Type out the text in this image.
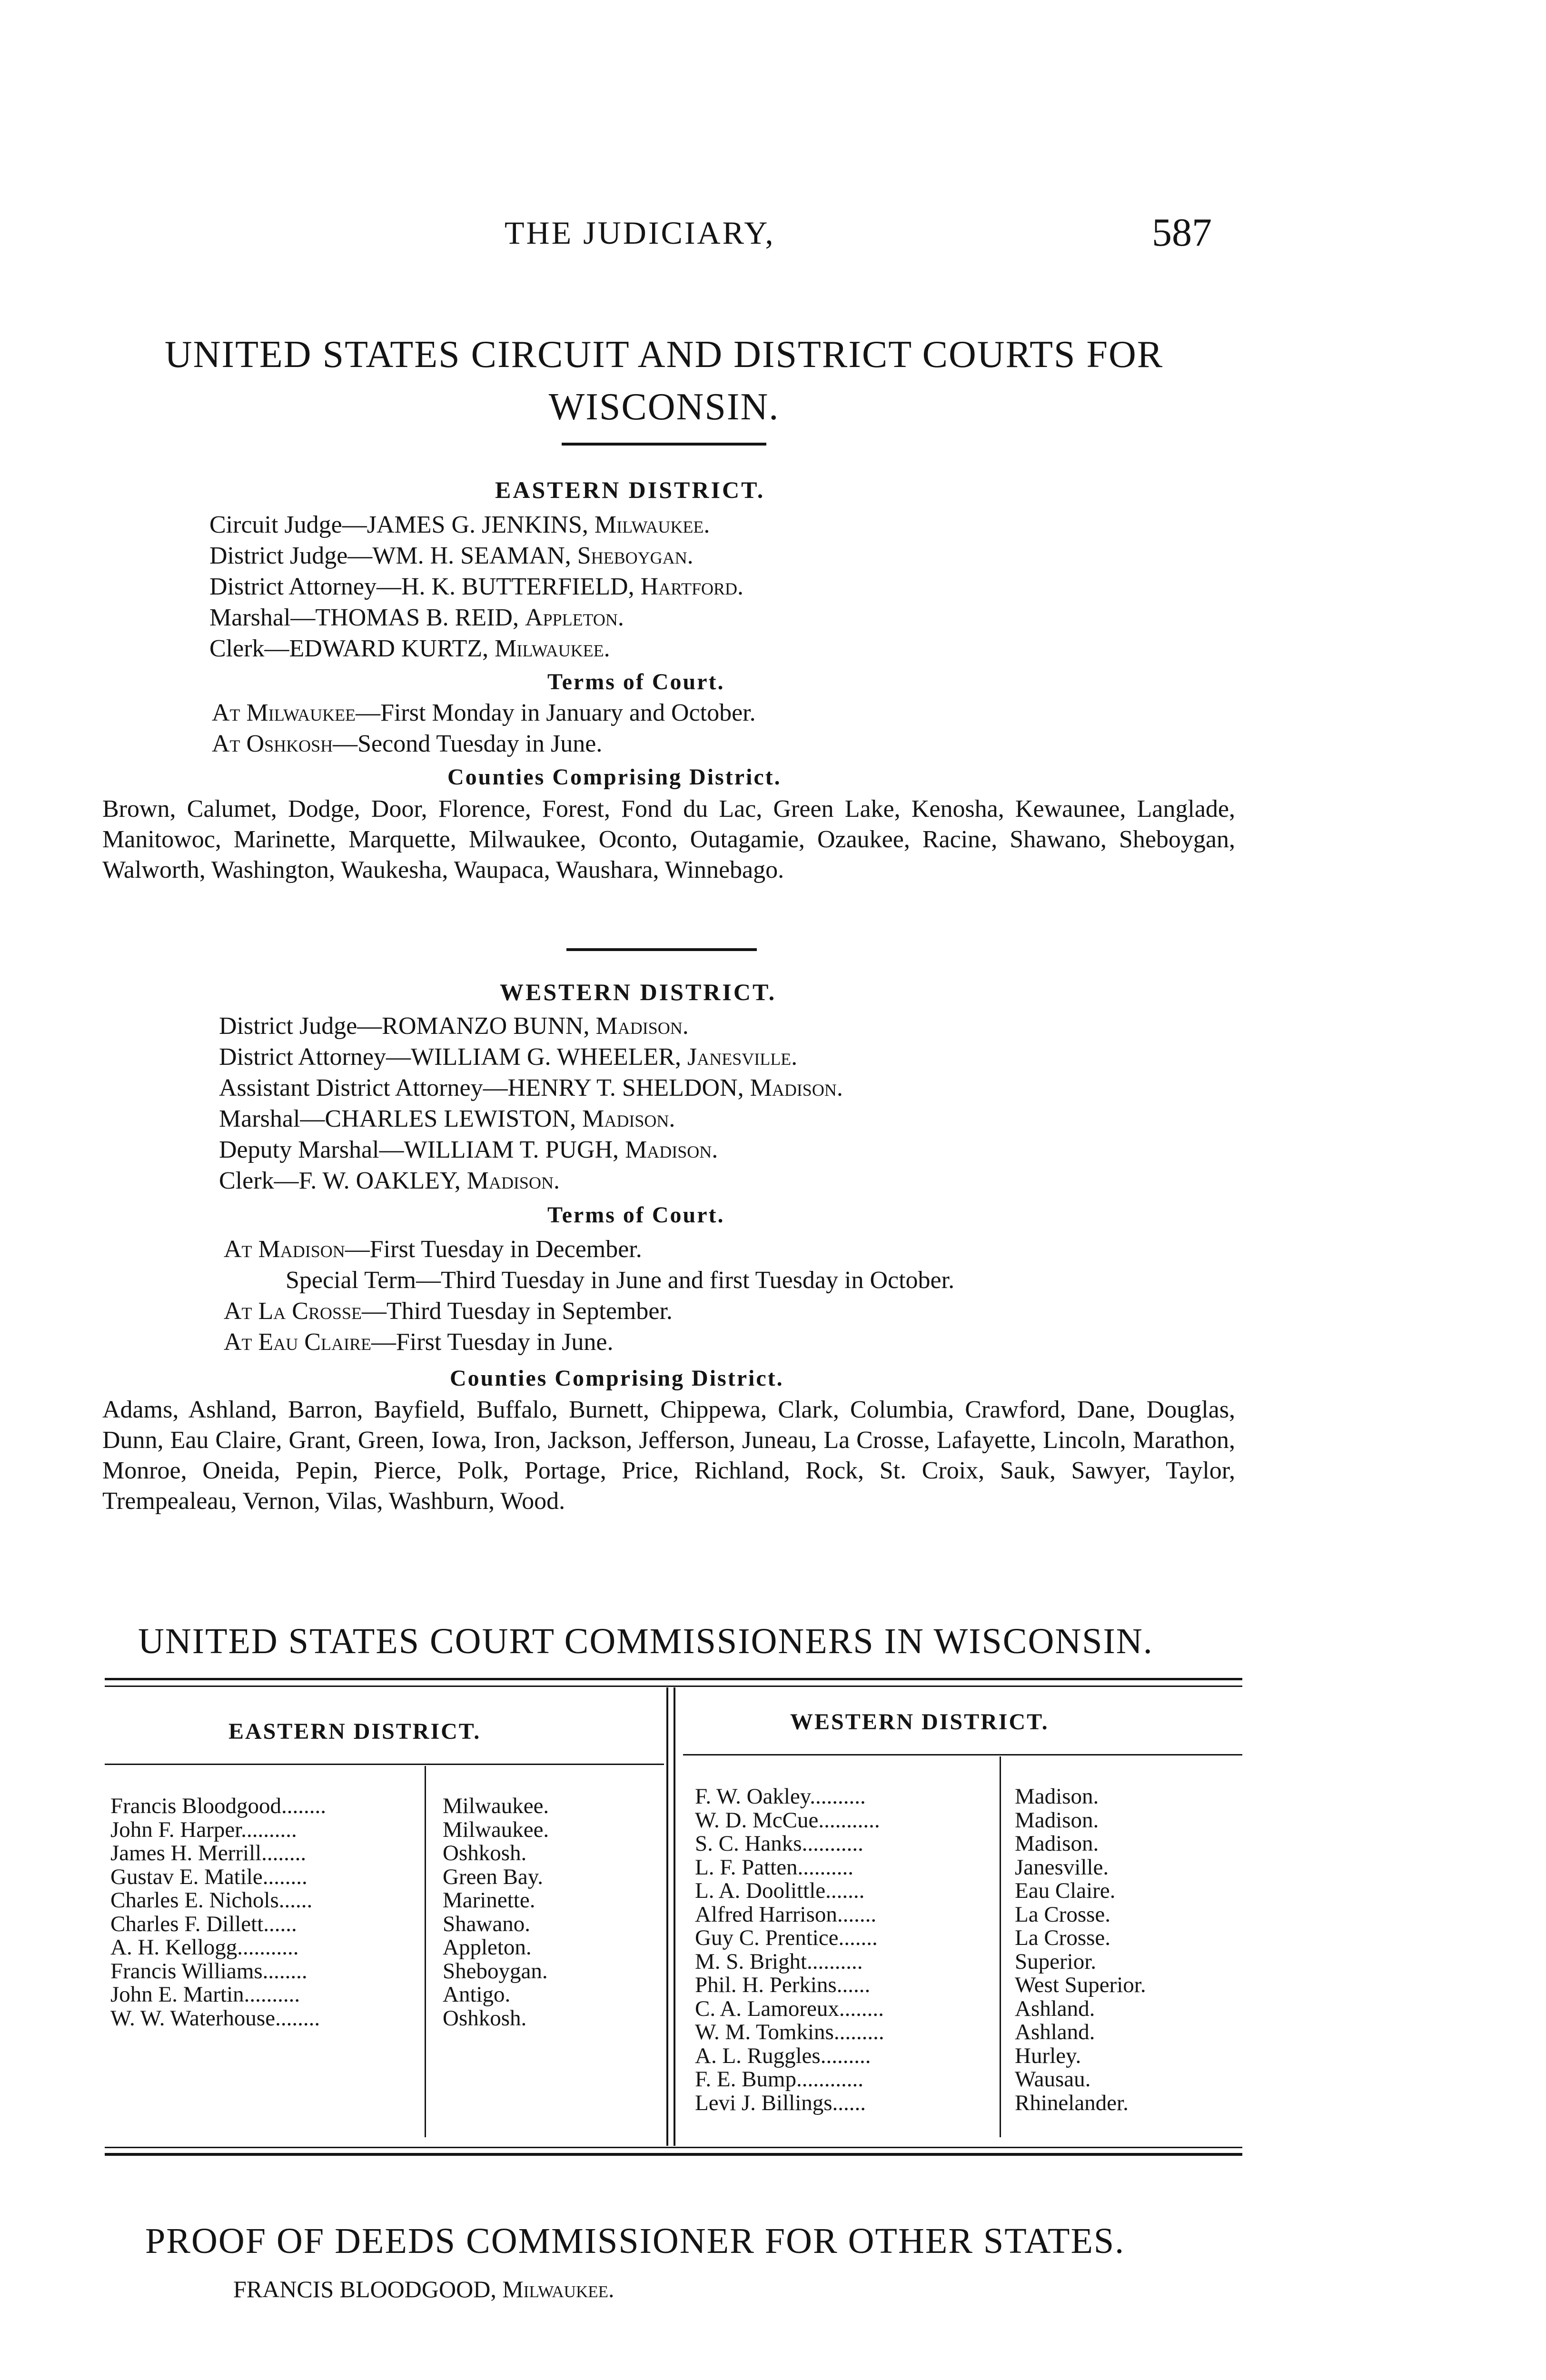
THE JUDICIARY,	587
UNITED STATES CIRCUIT AND DISTRICT COURTS FOR
WISCONSIN.
EASTERN DISTRICT.
Circuit Judge—JAMES G. JENKINS, Milwaukee.
District Judge—WM. H. SEAMAN, Sheboygan.
District Attorney—H. K. BUTTERFIELD, Hartford.
Marshal—THOMAS B. REID, Appleton.
Clerk—EDWARD KURTZ, Milwaukee.
Terms of Court.
At Milwaukee—First Monday in January and October.
At Oshkosh—Second Tuesday in June.
Counties Comprising District.
Brown, Calumet, Dodge, Door, Florence, Forest, Fond du Lac, Green Lake, Kenosha, Kewaunee, Langlade, Manitowoc, Marinette, Marquette, Milwaukee, Oconto, Outagamie, Ozaukee, Racine, Shawano, Sheboygan, Walworth, Washington, Waukesha, Waupaca, Waushara, Winnebago.
WESTERN DISTRICT.
District Judge—ROMANZO BUNN, Madison.
District Attorney—WILLIAM G. WHEELER, Janesville.
Assistant District Attorney—HENRY T. SHELDON, Madison.
Marshal—CHARLES LEWISTON, Madison.
Deputy Marshal—WILLIAM T. PUGH, Madison.
Clerk—F. W. OAKLEY, Madison.
Terms of Court.
At Madison—First Tuesday in December.
Special Term—Third Tuesday in June and first Tuesday in October.
At La Crosse—Third Tuesday in September.
At Eau Claire—First Tuesday in June.
Counties Comprising District.
Adams, Ashland, Barron, Bayfield, Buffalo, Burnett, Chippewa, Clark, Columbia, Crawford, Dane, Douglas, Dunn, Eau Claire, Grant, Green, Iowa, Iron, Jackson, Jefferson, Juneau, La Crosse, Lafayette, Lincoln, Marathon, Monroe, Oneida, Pepin, Pierce, Polk, Portage, Price, Richland, Rock, St. Croix, Sauk, Sawyer, Taylor, Trempealeau, Vernon, Vilas, Washburn, Wood.
UNITED STATES COURT COMMISSIONERS IN WISCONSIN.
EASTERN DISTRICT.	WESTERN DISTRICT.
Francis Bloodgood........
John F. Harper..........
James H. Merrill........
Gustav E. Matile........
Charles E. Nichols......
Charles F. Dillett......
A. H. Kellogg...........
Francis Williams........
John E. Martin..........
W. W. Waterhouse........
Milwaukee.
Milwaukee.
Oshkosh.
Green Bay.
Marinette.
Shawano.
Appleton.
Sheboygan.
Antigo.
Oshkosh.
F. W. Oakley..........
W. D. McCue...........
S. C. Hanks...........
L. F. Patten..........
L. A. Doolittle.......
Alfred Harrison.......
Guy C. Prentice.......
M. S. Bright..........
Phil. H. Perkins......
C. A. Lamoreux........
W. M. Tomkins.........
A. L. Ruggles.........
F. E. Bump............
Levi J. Billings......
Madison.
Madison.
Madison.
Janesville.
Eau Claire.
La Crosse.
La Crosse.
Superior.
West Superior.
Ashland.
Ashland.
Hurley.
Wausau.
Rhinelander.
PROOF OF DEEDS COMMISSIONER FOR OTHER STATES.
FRANCIS BLOODGOOD, Milwaukee.
